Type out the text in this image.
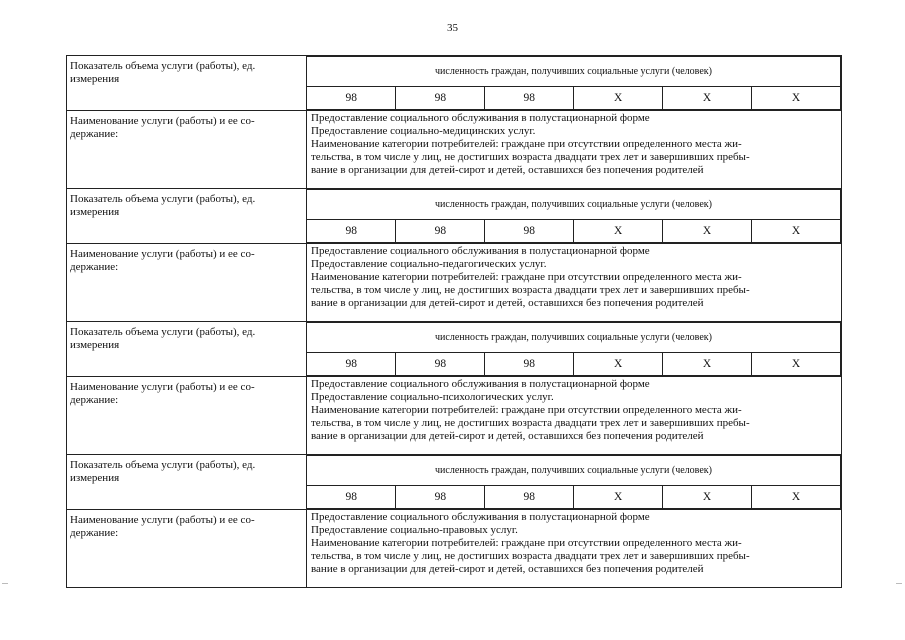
35
Показатель объема услуги (работы), ед. измерения	
численность граждан, получивших социальные услуги (человек)
98	98	98	X	X	X

Наименование услуги (работы) и ее со-держание:	
Предоставление социального обслуживания в полустационарной форме
Предоставление социально-медицинских услуг.
Наименование категории потребителей: граждане при отсутствии определенного места жи-
тельства, в том числе у лиц, не достигших возраста двадцати трех лет и завершивших пребы-
вание в организации для детей-сирот и детей, оставшихся без попечения родителей

Показатель объема услуги (работы), ед. измерения	
численность граждан, получивших социальные услуги (человек)
98	98	98	X	X	X

Наименование услуги (работы) и ее со-держание:	
Предоставление социального обслуживания в полустационарной форме
Предоставление социально-педагогических услуг.
Наименование категории потребителей: граждане при отсутствии определенного места жи-
тельства, в том числе у лиц, не достигших возраста двадцати трех лет и завершивших пребы-
вание в организации для детей-сирот и детей, оставшихся без попечения родителей

Показатель объема услуги (работы), ед. измерения	
численность граждан, получивших социальные услуги (человек)
98	98	98	X	X	X

Наименование услуги (работы) и ее со-держание:	
Предоставление социального обслуживания в полустационарной форме
Предоставление социально-психологических услуг.
Наименование категории потребителей: граждане при отсутствии определенного места жи-
тельства, в том числе у лиц, не достигших возраста двадцати трех лет и завершивших пребы-
вание в организации для детей-сирот и детей, оставшихся без попечения родителей

Показатель объема услуги (работы), ед. измерения	
численность граждан, получивших социальные услуги (человек)
98	98	98	X	X	X

Наименование услуги (работы) и ее со-держание:	
Предоставление социального обслуживания в полустационарной форме
Предоставление социально-правовых услуг.
Наименование категории потребителей: граждане при отсутствии определенного места жи-
тельства, в том числе у лиц, не достигших возраста двадцати трех лет и завершивших пребы-
вание в организации для детей-сирот и детей, оставшихся без попечения родителей
